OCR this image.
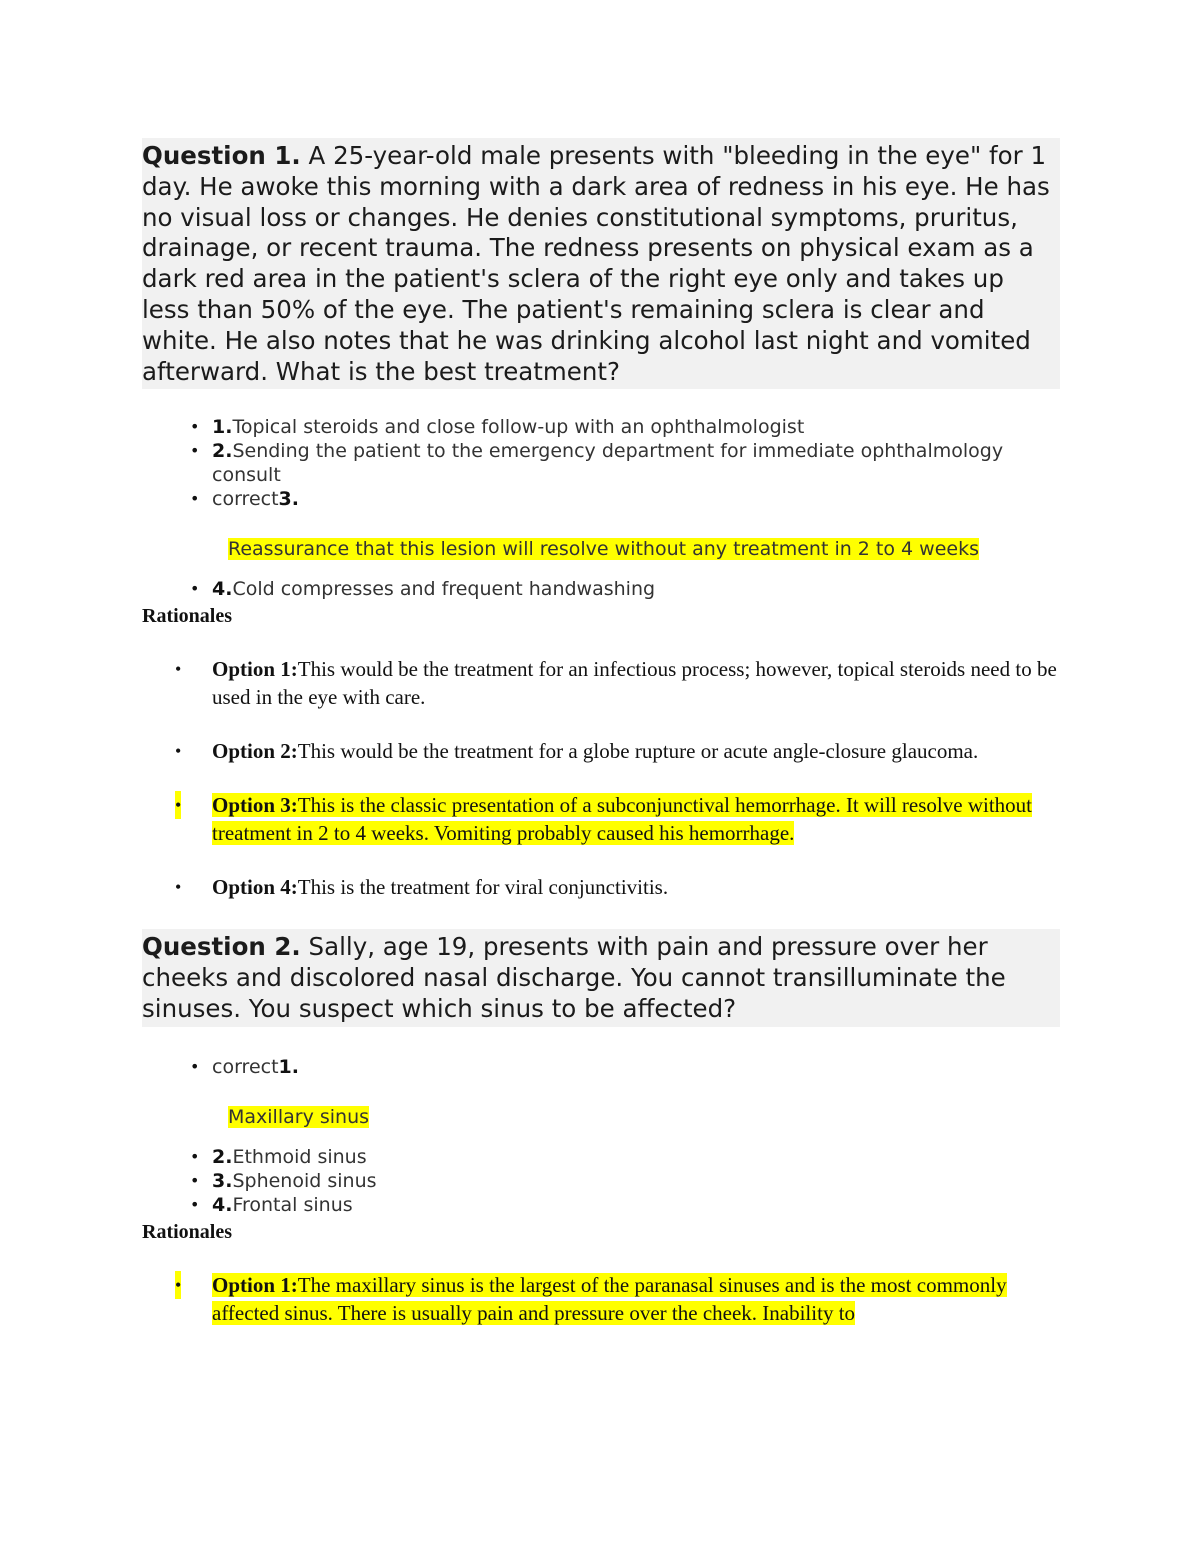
Question 1. A 25-year-old male presents with "bleeding in the eye" for 1 day. He awoke this morning with a dark area of redness in his eye. He has no visual loss or changes. He denies constitutional symptoms, pruritus, drainage, or recent trauma. The redness presents on physical exam as a dark red area in the patient's sclera of the right eye only and takes up less than 50% of the eye. The patient's remaining sclera is clear and white. He also notes that he was drinking alcohol last night and vomited afterward. What is the best treatment?
• 1.Topical steroids and close follow-up with an ophthalmologist
• 2.Sending the patient to the emergency department for immediate ophthalmology consult
• correct3.
Reassurance that this lesion will resolve without any treatment in 2 to 4 weeks
• 4.Cold compresses and frequent handwashing

Rationales

• Option 1:This would be the treatment for an infectious process; however, topical steroids need to be used in the eye with care.
• Option 2:This would be the treatment for a globe rupture or acute angle-closure glaucoma.
• Option 3:This is the classic presentation of a subconjunctival hemorrhage. It will resolve without treatment in 2 to 4 weeks. Vomiting probably caused his hemorrhage.
• Option 4:This is the treatment for viral conjunctivitis.
Question 2. Sally, age 19, presents with pain and pressure over her cheeks and discolored nasal discharge. You cannot transilluminate the sinuses. You suspect which sinus to be affected?
• correct1.
Maxillary sinus
• 2.Ethmoid sinus
• 3.Sphenoid sinus
• 4.Frontal sinus

Rationales

• Option 1:The maxillary sinus is the largest of the paranasal sinuses and is the most commonly affected sinus. There is usually pain and pressure over the cheek. Inability to
